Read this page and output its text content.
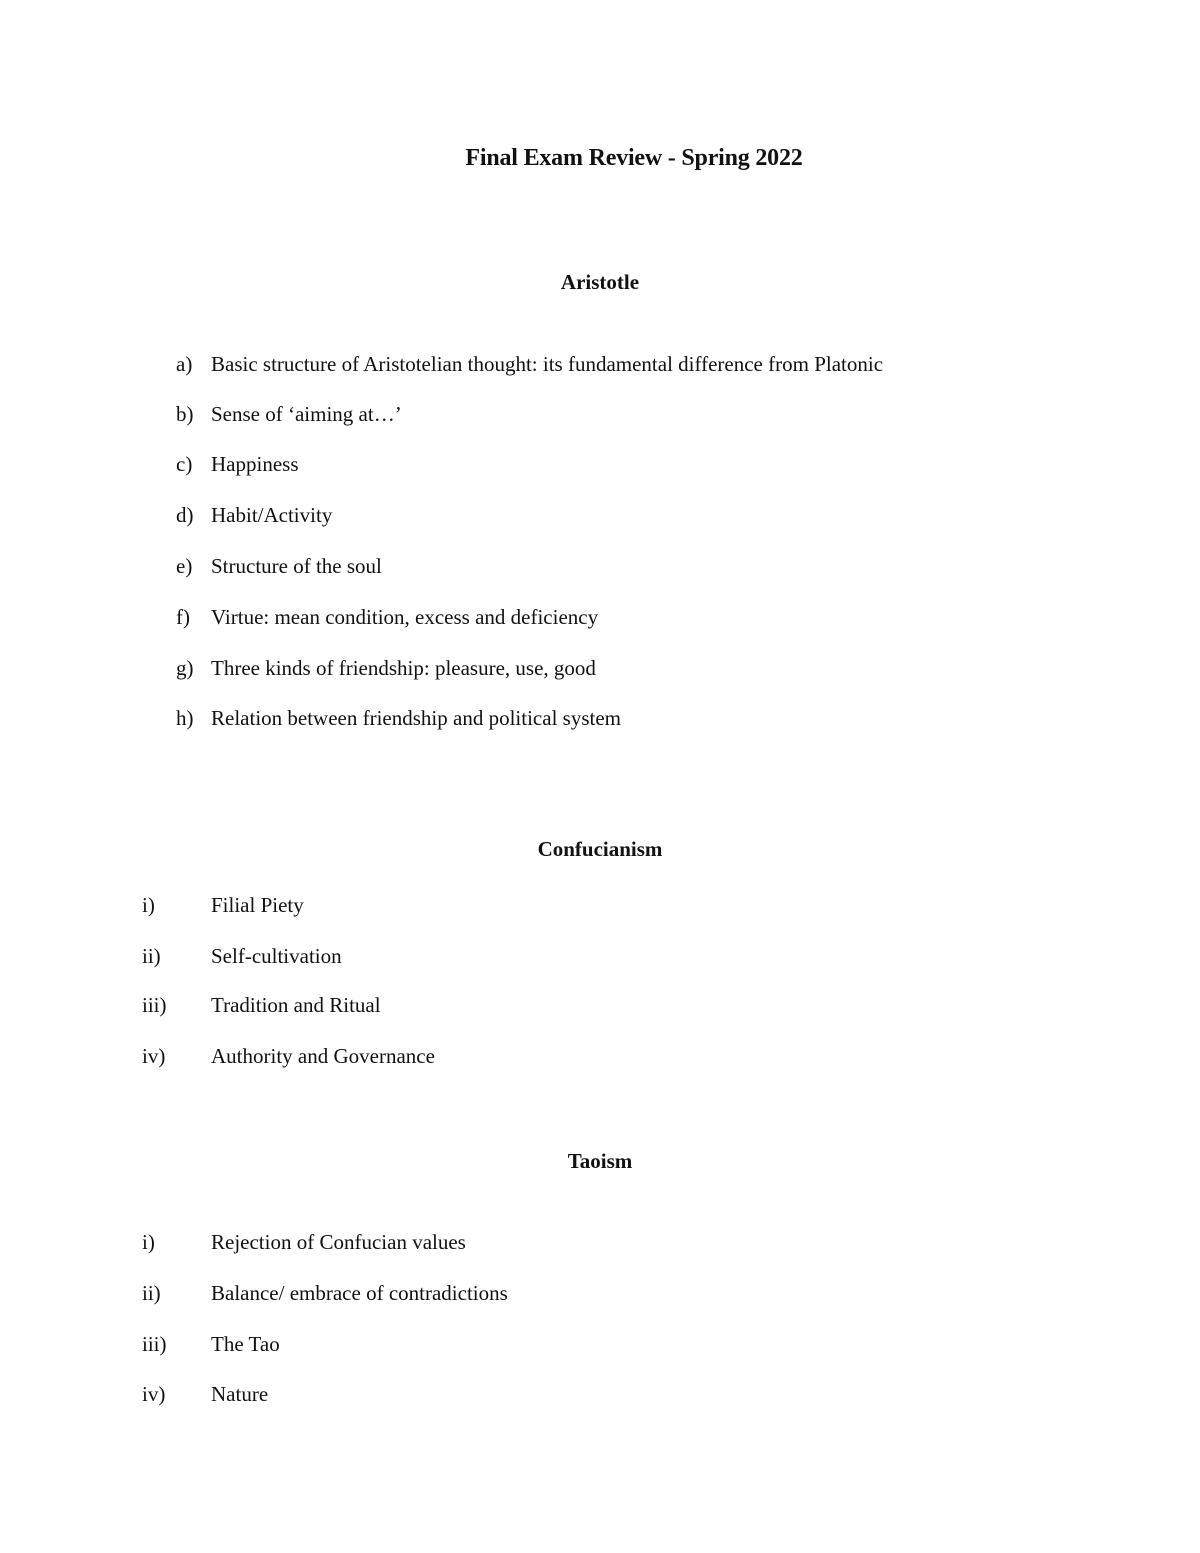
Final Exam Review - Spring 2022
Aristotle
a) Basic structure of Aristotelian thought: its fundamental difference from Platonic
b) Sense of ‘aiming at…’
c) Happiness
d) Habit/Activity
e) Structure of the soul
f) Virtue: mean condition, excess and deficiency
g) Three kinds of friendship: pleasure, use, good
h) Relation between friendship and political system
Confucianism
i)	Filial Piety
ii) Self-cultivation
iii) Tradition and Ritual
iv) Authority and Governance
Taoism
i)	Rejection of Confucian values
ii) Balance/ embrace of contradictions
iii) The Tao
iv) Nature
